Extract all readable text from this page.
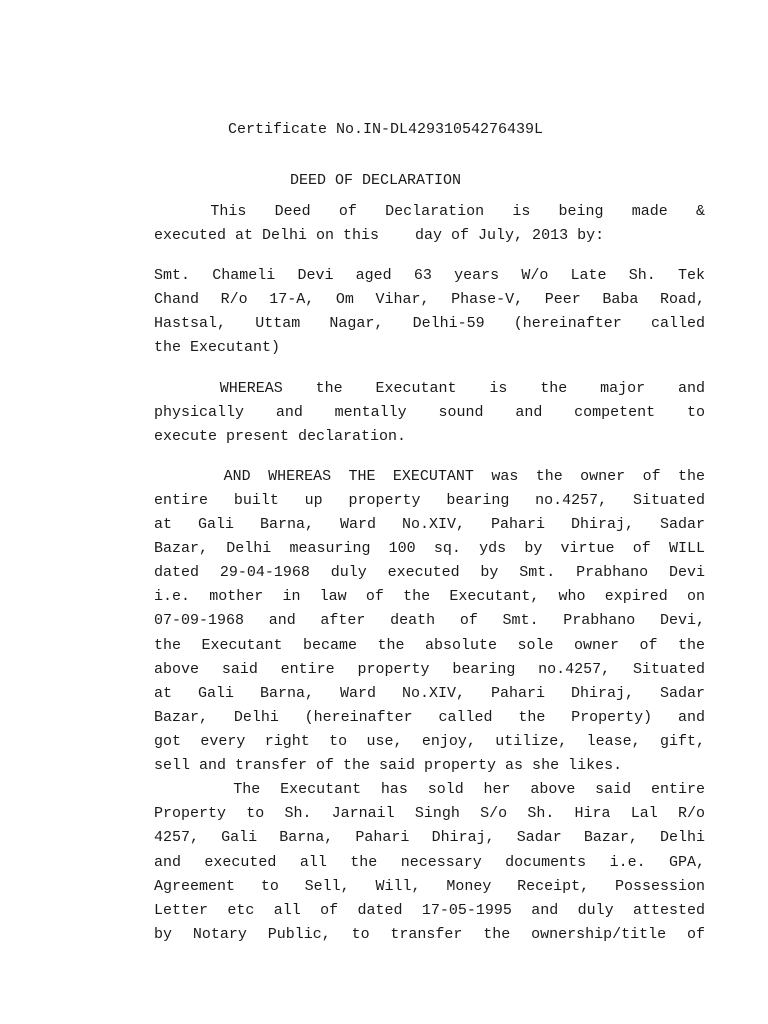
Certificate No.IN-DL42931054276439L
DEED OF DECLARATION
This  Deed  of  Declaration  is  being  made  &
executed at Delhi on this    day of July, 2013 by:
Smt. Chameli Devi aged 63 years W/o Late Sh. Tek
Chand R/o 17-A, Om Vihar, Phase-V, Peer Baba Road,
Hastsal, Uttam Nagar, Delhi-59 (hereinafter called
the Executant)
WHEREAS  the  Executant  is  the  major  and
physically  and  mentally  sound  and  competent  to
execute present declaration.
AND WHEREAS THE EXECUTANT was the owner of the
entire built up property bearing no.4257, Situated
at Gali Barna, Ward No.XIV, Pahari Dhiraj, Sadar
Bazar, Delhi measuring 100 sq. yds by virtue of WILL
dated 29-04-1968 duly executed by Smt. Prabhano Devi
i.e. mother in law of the Executant, who expired on
07-09-1968 and after death of Smt. Prabhano Devi,
the Executant became the absolute sole owner of the
above said entire property bearing no.4257, Situated
at Gali Barna, Ward No.XIV, Pahari Dhiraj, Sadar
Bazar, Delhi (hereinafter called the Property) and
got every right to use, enjoy, utilize, lease, gift,
sell and transfer of the said property as she likes.
The Executant has sold her above said entire
Property to Sh. Jarnail Singh S/o Sh. Hira Lal R/o
4257, Gali Barna, Pahari Dhiraj, Sadar Bazar, Delhi
and executed all the necessary documents i.e. GPA,
Agreement to Sell, Will, Money Receipt, Possession
Letter etc all of dated 17-05-1995 and duly attested
by Notary Public, to transfer the ownership/title of
